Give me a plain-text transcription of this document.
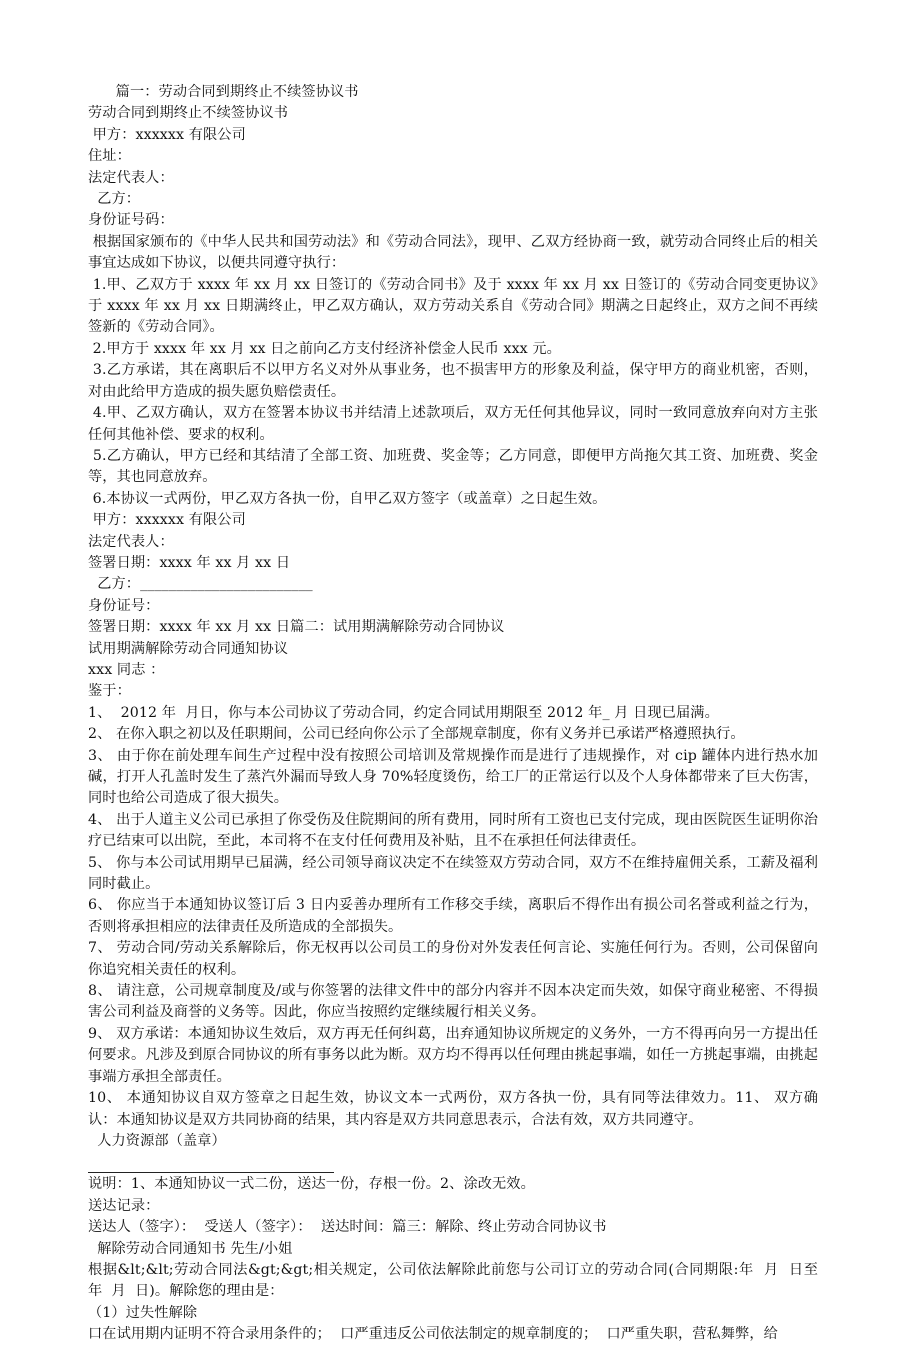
篇一：劳动合同到期终止不续签协议书
劳动合同到期终止不续签协议书
甲方：xxxxxx 有限公司
住址：
法定代表人：
乙方：
身份证号码：
根据国家颁布的《中华人民共和国劳动法》和《劳动合同法》，现甲、乙双方经协商一致，就劳动合同终止后的相关事宜达成如下协议，以便共同遵守执行：
1.甲、乙双方于 xxxx 年 xx 月 xx 日签订的《劳动合同书》及于 xxxx 年 xx 月 xx 日签订的《劳动合同变更协议》于 xxxx 年 xx 月 xx 日期满终止，甲乙双方确认，双方劳动关系自《劳动合同》期满之日起终止，双方之间不再续签新的《劳动合同》。
2.甲方于 xxxx 年 xx 月 xx 日之前向乙方支付经济补偿金人民币 xxx 元。
3.乙方承诺，其在离职后不以甲方名义对外从事业务，也不损害甲方的形象及利益，保守甲方的商业机密，否则，对由此给甲方造成的损失愿负赔偿责任。
4.甲、乙双方确认，双方在签署本协议书并结清上述款项后，双方无任何其他异议，同时一致同意放弃向对方主张任何其他补偿、要求的权利。
5.乙方确认，甲方已经和其结清了全部工资、加班费、奖金等；乙方同意，即便甲方尚拖欠其工资、加班费、奖金等，其也同意放弃。
6.本协议一式两份，甲乙双方各执一份，自甲乙双方签字（或盖章）之日起生效。
甲方：xxxxxx 有限公司
法定代表人：
签署日期：xxxx 年 xx 月 xx 日
乙方：________________________
身份证号：
签署日期：xxxx 年 xx 月 xx 日篇二：试用期满解除劳动合同协议
试用期满解除劳动合同通知协议
xxx 同志 ：
鉴于：
1、  2012 年  月日，你与本公司协议了劳动合同，约定合同试用期限至 2012 年_ 月 日现已届满。
2、 在你入职之初以及任职期间，公司已经向你公示了全部规章制度，你有义务并已承诺严格遵照执行。
3、 由于你在前处理车间生产过程中没有按照公司培训及常规操作而是进行了违规操作，对 cip 罐体内进行热水加碱，打开人孔盖时发生了蒸汽外漏而导致人身 70%轻度烫伤，给工厂的正常运行以及个人身体都带来了巨大伤害，同时也给公司造成了很大损失。
4、 出于人道主义公司已承担了你受伤及住院期间的所有费用，同时所有工资也已支付完成，现由医院医生证明你治疗已结束可以出院，至此，本司将不在支付任何费用及补贴，且不在承担任何法律责任。
5、 你与本公司试用期早已届满，经公司领导商议决定不在续签双方劳动合同，双方不在维持雇佣关系，工薪及福利同时截止。
6、 你应当于本通知协议签订后 3 日内妥善办理所有工作移交手续，离职后不得作出有损公司名誉或利益之行为，否则将承担相应的法律责任及所造成的全部损失。
7、 劳动合同/劳动关系解除后，你无权再以公司员工的身份对外发表任何言论、实施任何行为。否则，公司保留向你追究相关责任的权利。
8、 请注意，公司规章制度及/或与你签署的法律文件中的部分内容并不因本决定而失效，如保守商业秘密、不得损害公司利益及商誉的义务等。因此，你应当按照约定继续履行相关义务。
9、 双方承诺：本通知协议生效后，双方再无任何纠葛，出弃通知协议所规定的义务外，一方不得再向另一方提出任何要求。凡涉及到原合同协议的所有事务以此为断。双方均不得再以任何理由挑起事端，如任一方挑起事端，由挑起事端方承担全部责任。
10、 本通知协议自双方签章之日起生效，协议文本一式两份，双方各执一份，具有同等法律效力。11、 双方确认：本通知协议是双方共同协商的结果，其内容是双方共同意思表示，合法有效，双方共同遵守。
人力资源部（盖章）
说明：1、本通知协议一式二份，送达一份，存根一份。2、涂改无效。
送达记录：
送达人（签字）：  受送人（签字）：  送达时间：篇三：解除、终止劳动合同协议书
解除劳动合同通知书 先生/小姐
根据&lt;&lt;劳动合同法&gt;&gt;相关规定，公司依法解除此前您与公司订立的劳动合同(合同期限:年  月  日至  年  月  日)。解除您的理由是：
（1）过失性解除
口在试用期内证明不符合录用条件的；  口严重违反公司依法制定的规章制度的；  口严重失职，营私舞弊，给
